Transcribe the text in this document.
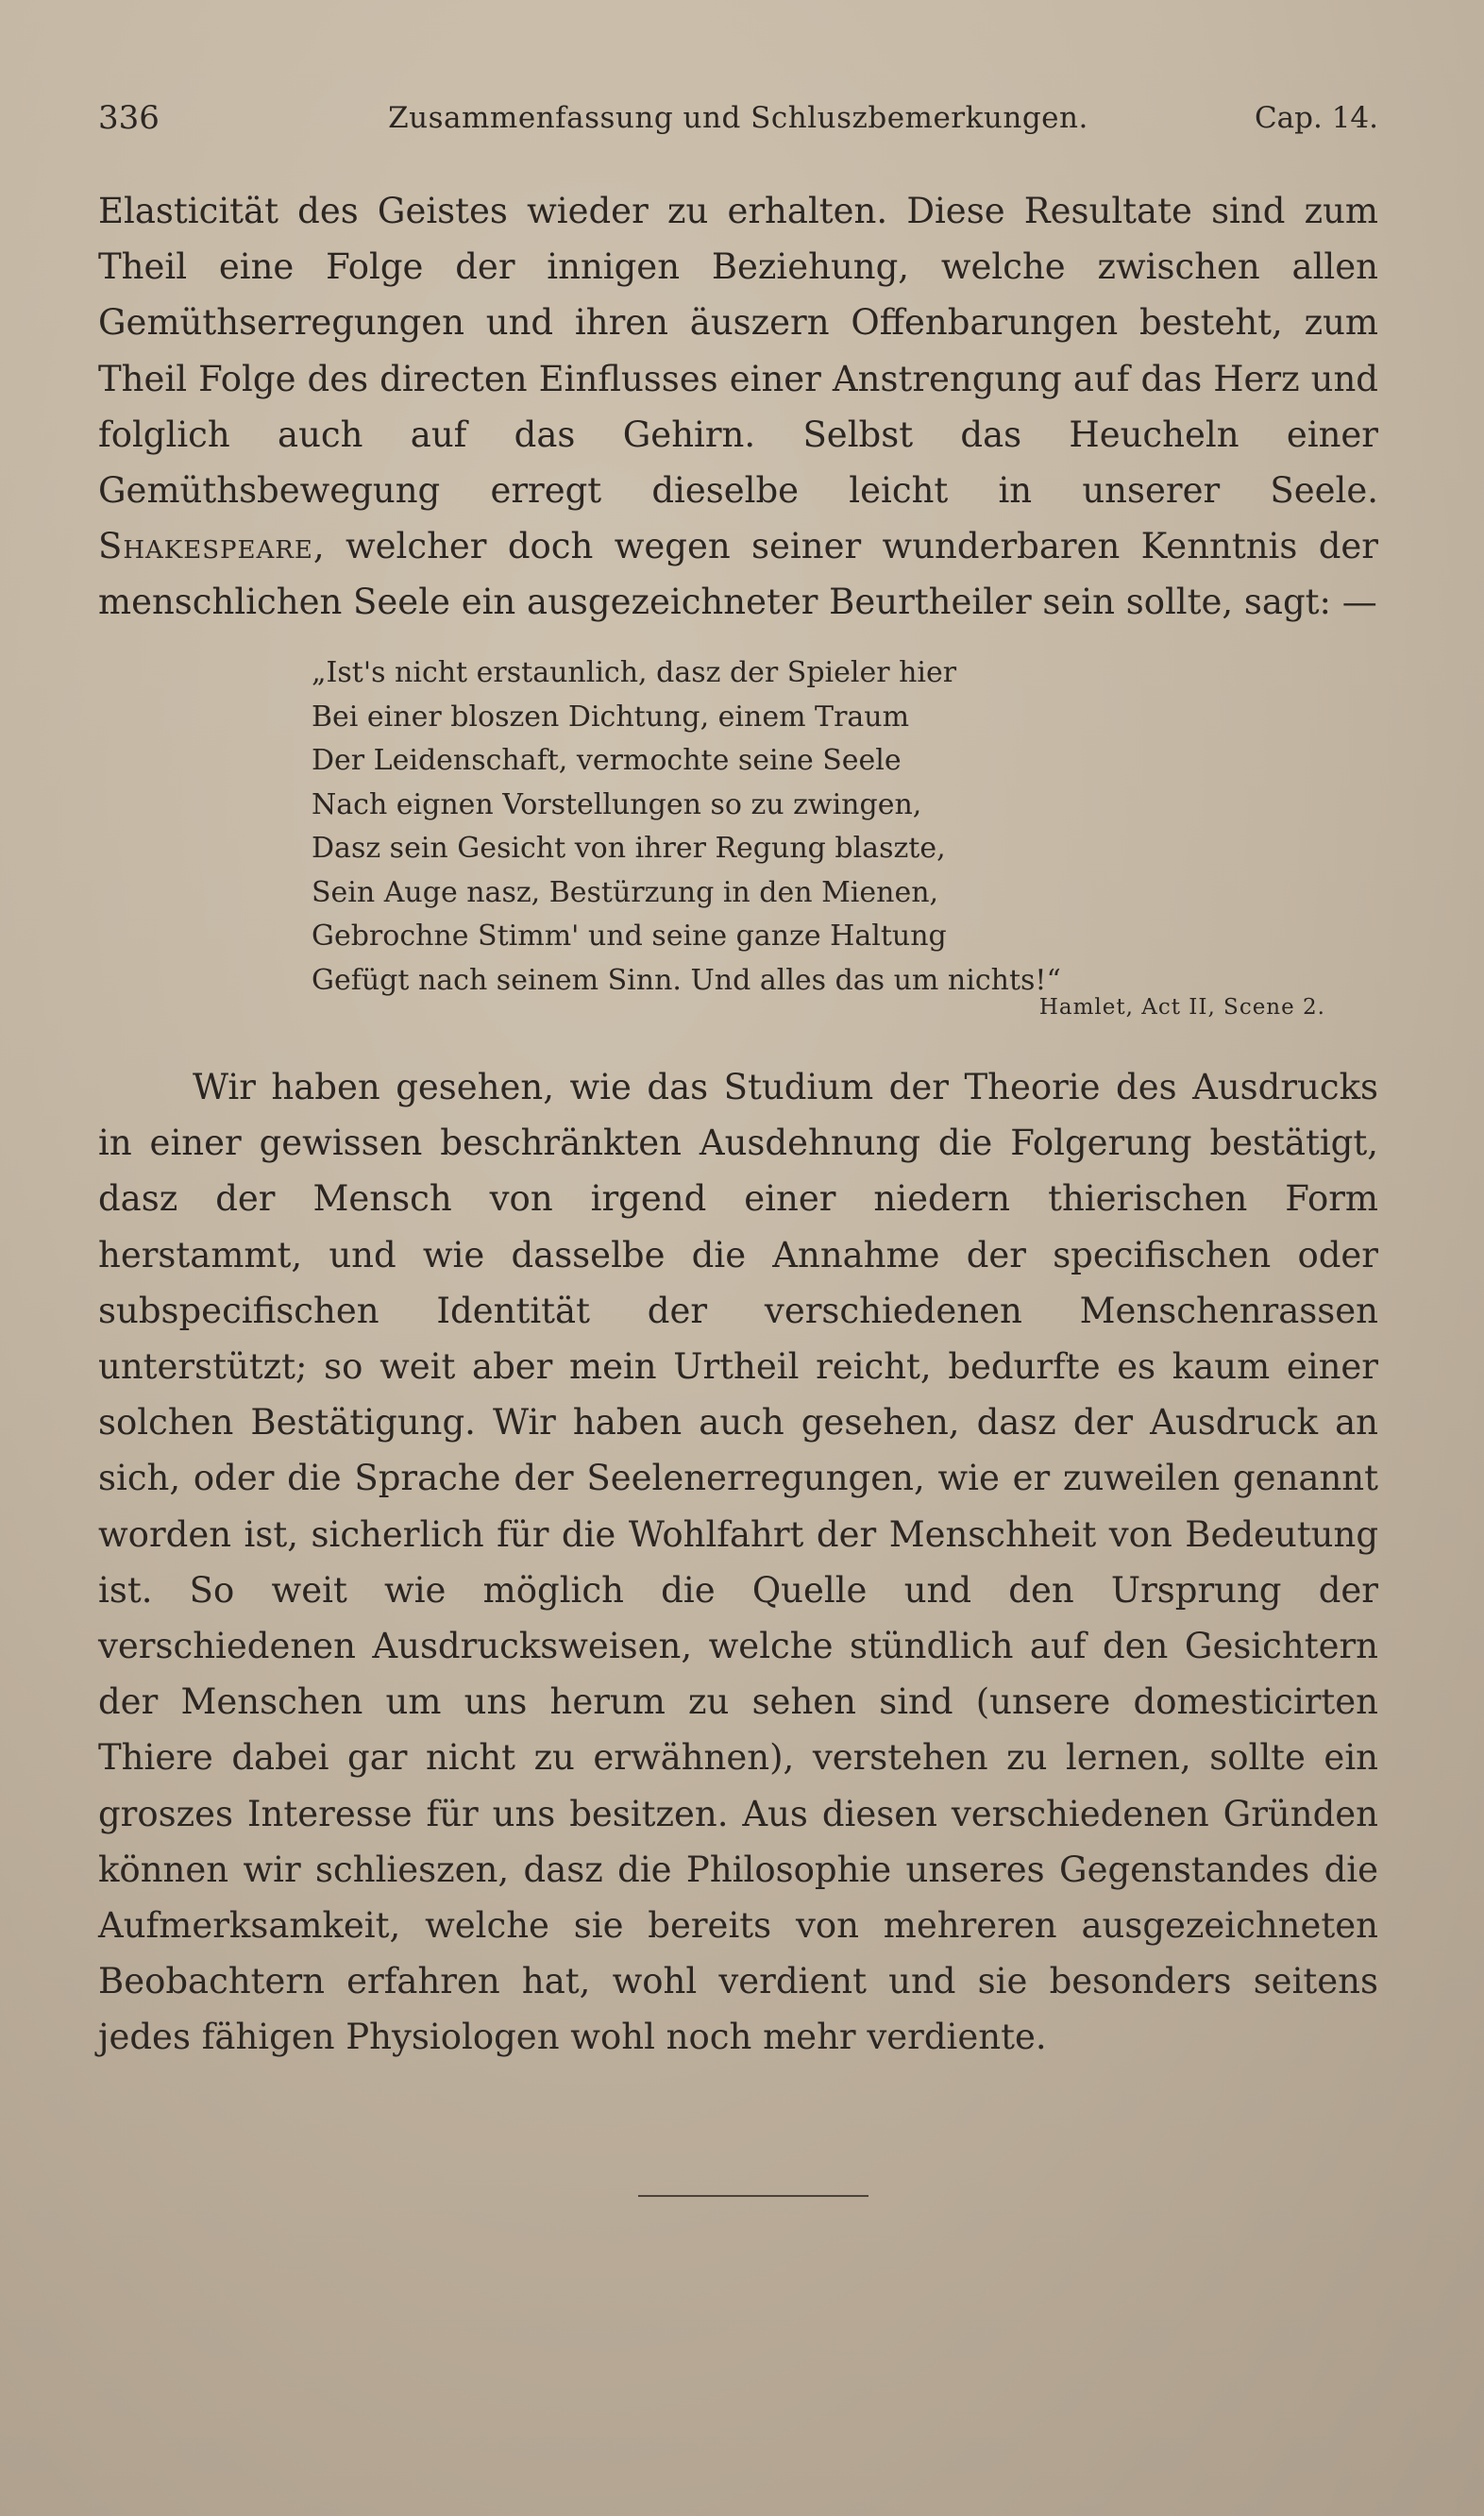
336	Zusammenfassung und Schluszbemerkungen.	Cap. 14.

Elasticität des Geistes wieder zu erhalten. Diese Resultate sind zum Theil eine Folge der innigen Beziehung, welche zwischen allen Gemüthserregungen und ihren äuszern Offenbarungen besteht, zum Theil Folge des directen Einflusses einer Anstrengung auf das Herz und folglich auch auf das Gehirn. Selbst das Heucheln einer Gemüthsbewegung erregt dieselbe leicht in unserer Seele. Shakespeare, welcher doch wegen seiner wunderbaren Kenntnis der menschlichen Seele ein ausgezeichneter Beurtheiler sein sollte, sagt: —

„Ist's nicht erstaunlich, dasz der Spieler hier
Bei einer bloszen Dichtung, einem Traum
Der Leidenschaft, vermochte seine Seele
Nach eignen Vorstellungen so zu zwingen,
Dasz sein Gesicht von ihrer Regung blaszte,
Sein Auge nasz, Bestürzung in den Mienen,
Gebrochne Stimm' und seine ganze Haltung
Gefügt nach seinem Sinn. Und alles das um nichts!“
Hamlet, Act II, Scene 2.

Wir haben gesehen, wie das Studium der Theorie des Ausdrucks in einer gewissen beschränkten Ausdehnung die Folgerung bestätigt, dasz der Mensch von irgend einer niedern thierischen Form herstammt, und wie dasselbe die Annahme der specifischen oder subspecifischen Identität der verschiedenen Menschenrassen unterstützt; so weit aber mein Urtheil reicht, bedurfte es kaum einer solchen Bestätigung. Wir haben auch gesehen, dasz der Ausdruck an sich, oder die Sprache der Seelenerregungen, wie er zuweilen genannt worden ist, sicherlich für die Wohlfahrt der Menschheit von Bedeutung ist. So weit wie möglich die Quelle und den Ursprung der verschiedenen Ausdrucksweisen, welche stündlich auf den Gesichtern der Menschen um uns herum zu sehen sind (unsere domesticirten Thiere dabei gar nicht zu erwähnen), verstehen zu lernen, sollte ein groszes Interesse für uns besitzen. Aus diesen verschiedenen Gründen können wir schlieszen, dasz die Philosophie unseres Gegenstandes die Aufmerksamkeit, welche sie bereits von mehreren ausgezeichneten Beobachtern erfahren hat, wohl verdient und sie besonders seitens jedes fähigen Physiologen wohl noch mehr verdiente.
